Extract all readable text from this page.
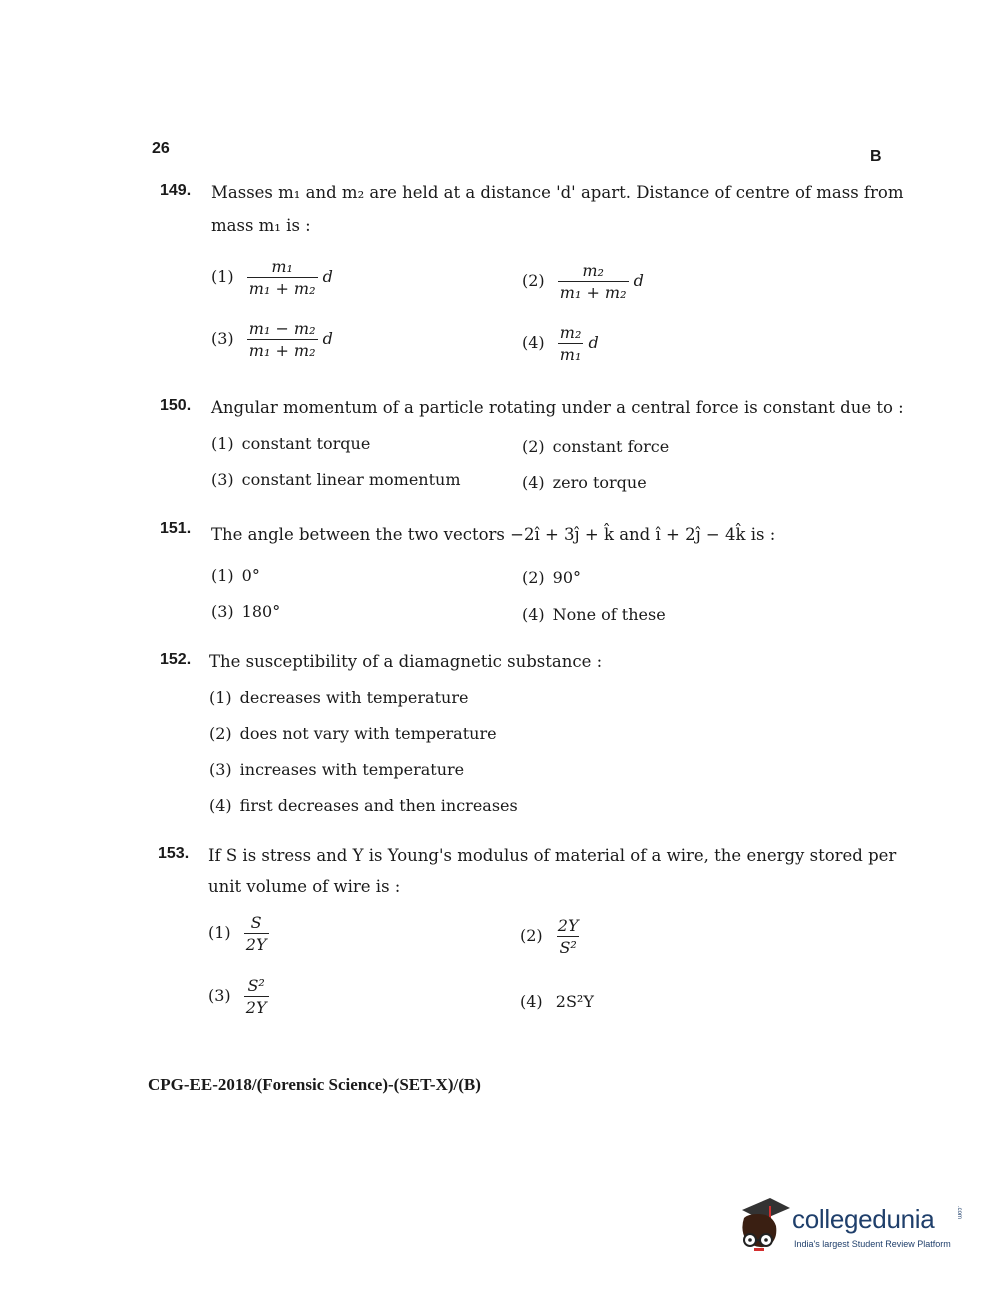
26	B
149. Masses m₁ and m₂ are held at a distance 'd' apart. Distance of centre of mass from
mass m₁ is :
$(1) \frac{\text{m₁}}{\text{m₁ + m₂}}$ d	$(2) \frac{\text{m₂}}{\text{m₁ + m₂}}$ d
$(3) \frac{\text{m₁ − m₂}}{\text{m₁ + m₂}}$ d	$(4) \frac{\text{m₂}}{\text{m₁}}$ d
150. Angular momentum of a particle rotating under a central force is constant due to :
(1) constant torque	(2) constant force
(3) constant linear momentum	(4) zero torque
151. The angle between the two vectors −2î + 3ĵ + k̂ and î + 2ĵ − 4k̂ is :
(1) 0°	(2) 90°
(3) 180°	(4) None of these
152. The susceptibility of a diamagnetic substance :
(1) decreases with temperature
(2) does not vary with temperature
(3) increases with temperature
(4) first decreases and then increases
153. If S is stress and Y is Young's modulus of material of a wire, the energy stored per
unit volume of wire is :
$(1) \frac{S}{2Y}$	$(2) \frac{2Y}{\text{S²}}$
$(3) \frac{\text{S²}}{2Y}$	(4) 2S²Y
CPG-EE-2018/(Forensic Science)-(SET-X)/(B)
collegedunia	.com
India's largest Student Review Platform
